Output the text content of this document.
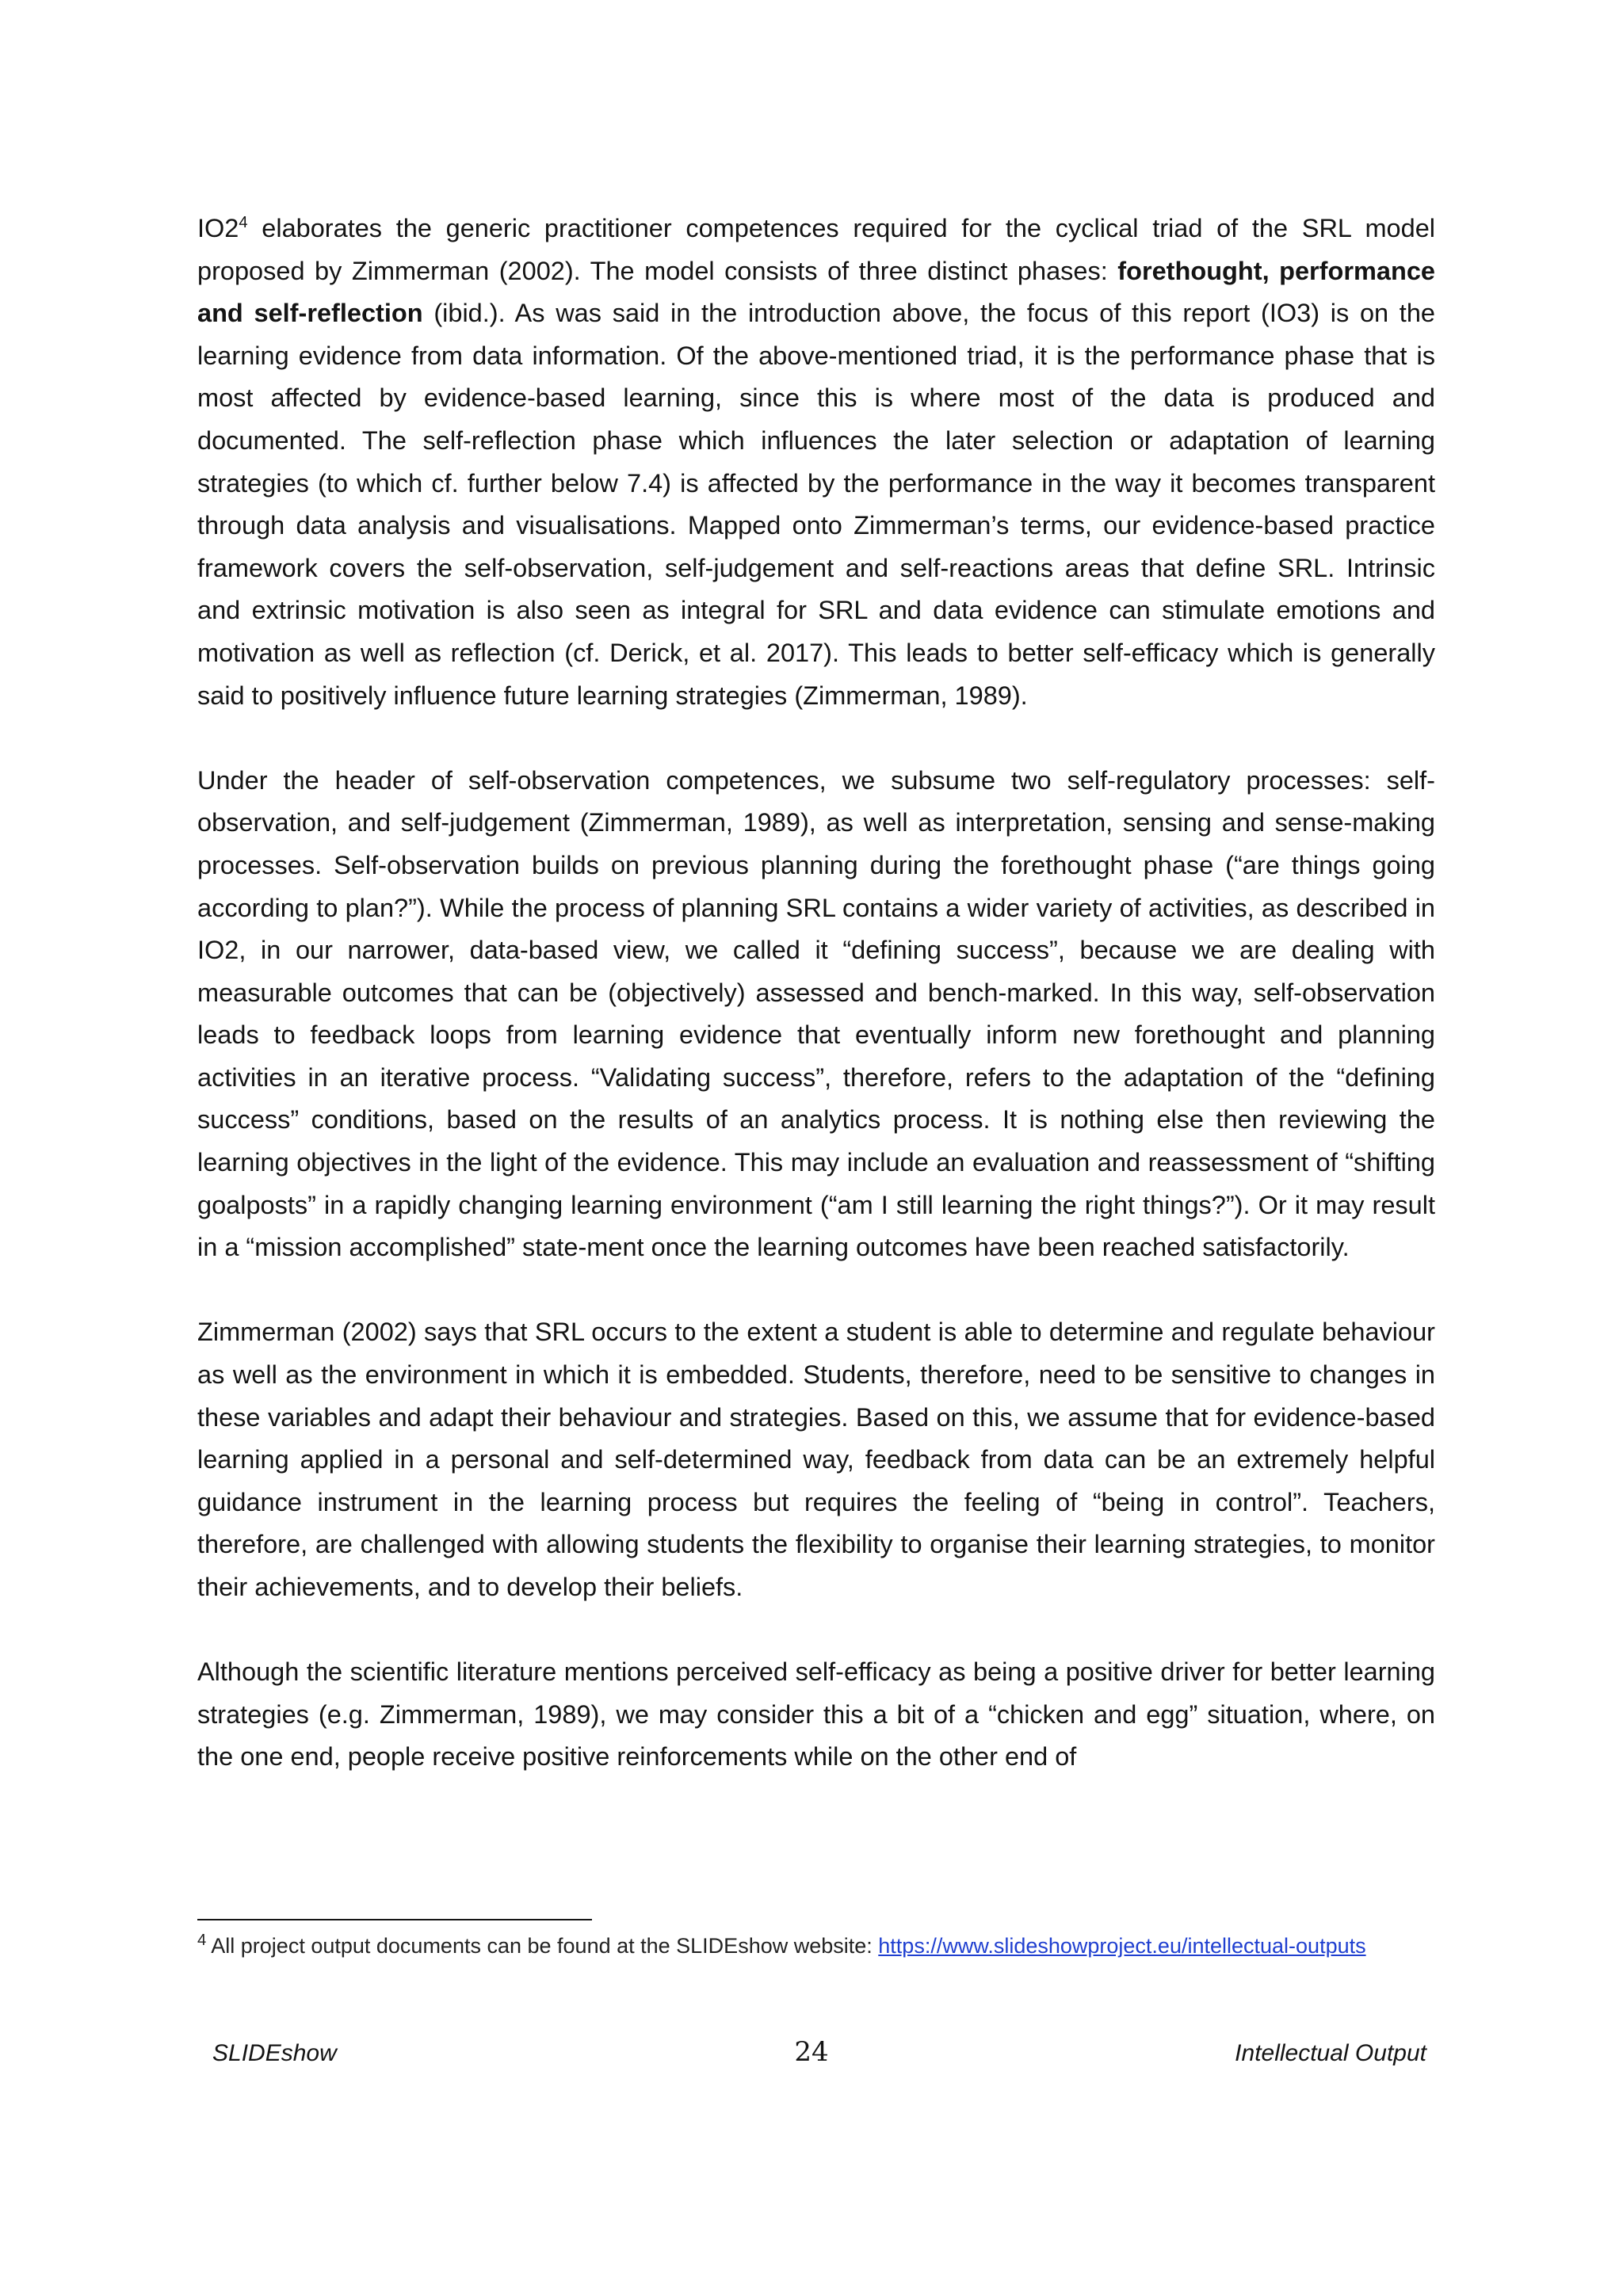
$IO2^4$ elaborates the generic practitioner competences required for the cyclical triad of the SRL model proposed by Zimmerman (2002). The model consists of three distinct phases: forethought, performance and self-reflection (ibid.). As was said in the introduction above, the focus of this report (IO3) is on the learning evidence from data information. Of the above-mentioned triad, it is the performance phase that is most affected by evidence-based learning, since this is where most of the data is produced and documented. The self-reflection phase which influences the later selection or adaptation of learning strategies (to which cf. further below 7.4) is affected by the performance in the way it becomes transparent through data analysis and visualisations. Mapped onto Zimmerman’s terms, our evidence-based practice framework covers the self-observation, self-judgement and self-reactions areas that define SRL. Intrinsic and extrinsic motivation is also seen as integral for SRL and data evidence can stimulate emotions and motivation as well as reflection (cf. Derick, et al. 2017). This leads to better self-efficacy which is generally said to positively influence future learning strategies (Zimmerman, 1989).

Under the header of self-observation competences, we subsume two self-regulatory processes: self-observation, and self-judgement (Zimmerman, 1989), as well as interpretation, sensing and sense-making processes. Self-observation builds on previous planning during the forethought phase (“are things going according to plan?”). While the process of planning SRL contains a wider variety of activities, as described in IO2, in our narrower, data-based view, we called it “defining success”, because we are dealing with measurable outcomes that can be (objectively) assessed and bench-marked. In this way, self-observation leads to feedback loops from learning evidence that eventually inform new forethought and planning activities in an iterative process. “Validating success”, therefore, refers to the adaptation of the “defining success” conditions, based on the results of an analytics process. It is nothing else then reviewing the learning objectives in the light of the evidence. This may include an evaluation and reassessment of “shifting goalposts” in a rapidly changing learning environment (“am I still learning the right things?”). Or it may result in a “mission accomplished” state-ment once the learning outcomes have been reached satisfactorily.

Zimmerman (2002) says that SRL occurs to the extent a student is able to determine and regulate behaviour as well as the environment in which it is embedded. Students, therefore, need to be sensitive to changes in these variables and adapt their behaviour and strategies. Based on this, we assume that for evidence-based learning applied in a personal and self-determined way, feedback from data can be an extremely helpful guidance instrument in the learning process but requires the feeling of “being in control”. Teachers, therefore, are challenged with allowing students the flexibility to organise their learning strategies, to monitor their achievements, and to develop their beliefs.

Although the scientific literature mentions perceived self-efficacy as being a positive driver for better learning strategies (e.g. Zimmerman, 1989), we may consider this a bit of a “chicken and egg” situation, where, on the one end, people receive positive reinforcements while on the other end of

$^4$ All project output documents can be found at the SLIDEshow website: https://www.slideshowproject.eu/intellectual-outputs
SLIDEshow	24	Intellectual Output
